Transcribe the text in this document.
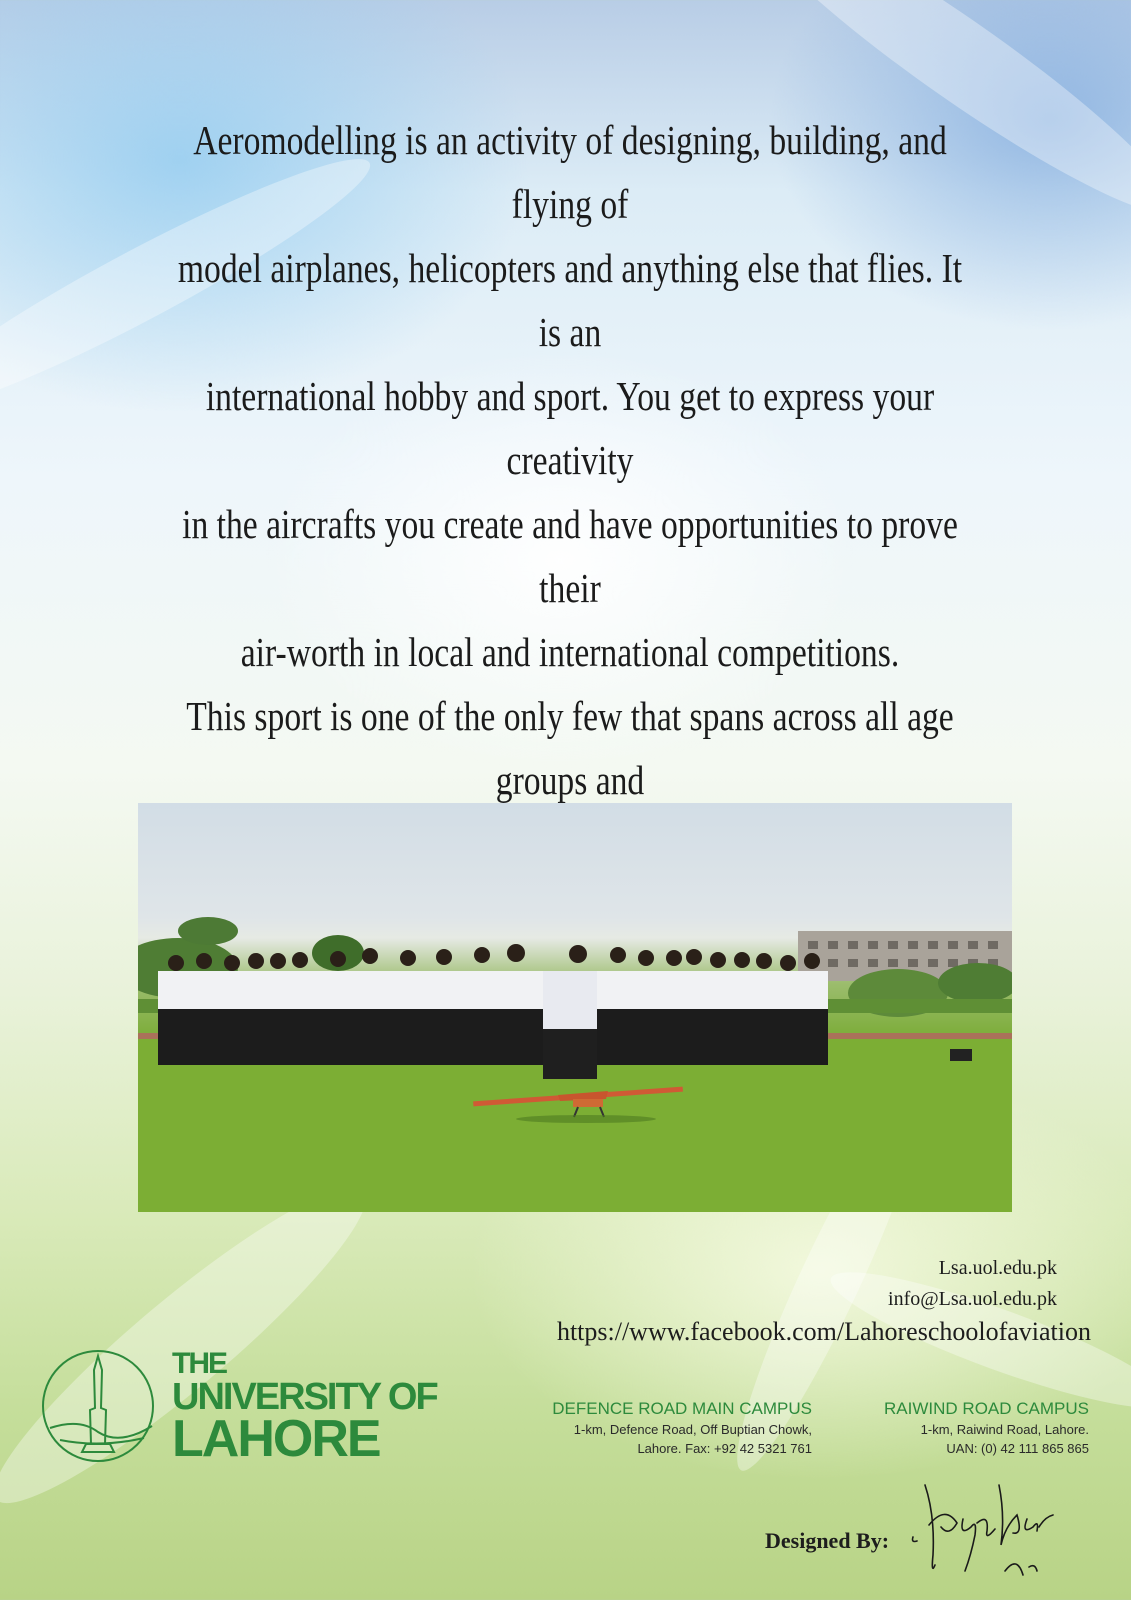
Aeromodelling is an activity of designing, building, and flying of

model airplanes, helicopters and anything else that flies. It is an

international hobby and sport. You get to express your creativity

in the aircrafts you create and have opportunities to prove their

air-worth in local and international competitions.

This sport is one of the only few that spans across all age groups and

Lsa.uol.edu.pk
info@Lsa.uol.edu.pk
https://www.facebook.com/Lahoreschoolofaviation
THE
UNIVERSITY OF
LAHORE
DEFENCE ROAD MAIN CAMPUS
1-km, Defence Road, Off Buptian Chowk,
Lahore. Fax: +92 42 5321 761
RAIWIND ROAD CAMPUS
1-km, Raiwind Road, Lahore.
UAN: (0) 42 111 865 865
Designed By:
